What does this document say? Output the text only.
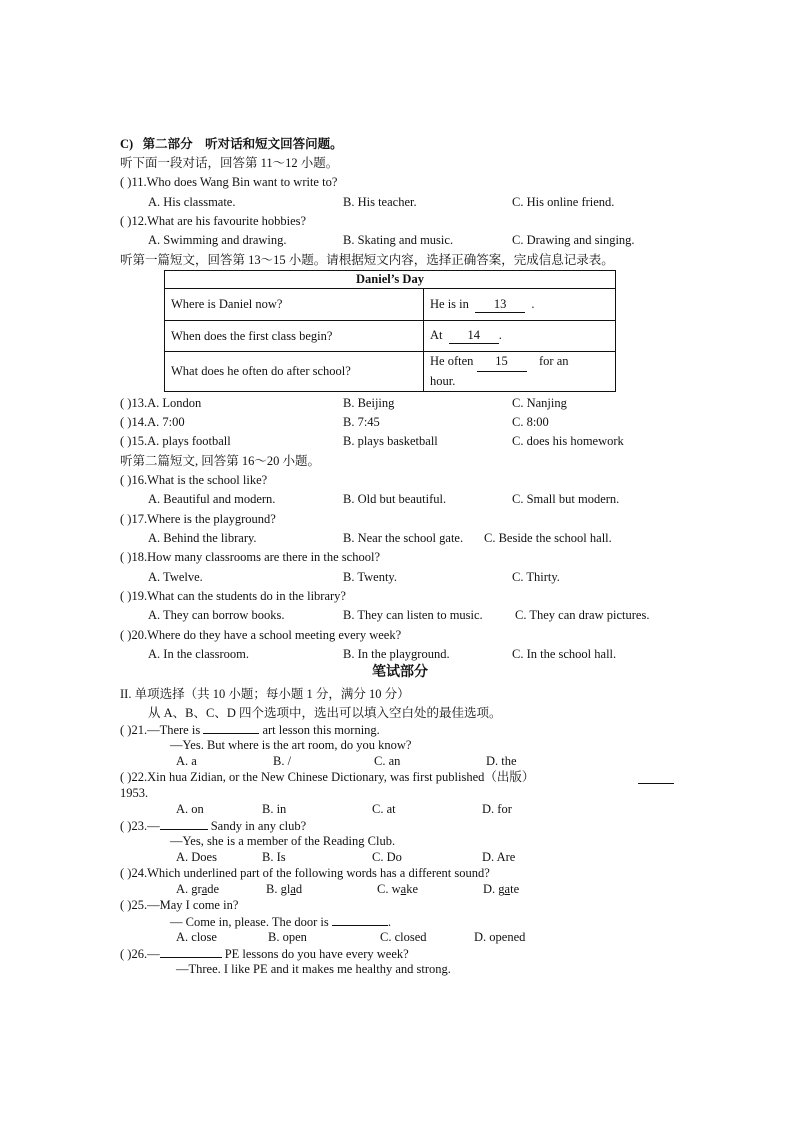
C) 第二部分　听对话和短文回答问题。
听下面一段对话，回答第 11～12 小题。
( )11.Who does Wang Bin want to write to?
A. His classmate.	B. His teacher.	C. His online friend.
( )12.What are his favourite hobbies?
A. Swimming and drawing.	B. Skating and music.	C. Drawing and singing.
听第一篇短文，回答第 13～15 小题。请根据短文内容，选择正确答案，完成信息记录表。
Daniel’s Day	
Where is Daniel now?	He is in 13 .
When does the first class begin?	At 14 .
What does he often do after school?	He often 15 for an
hour.
( )13.A. London	B. Beijing	C. Nanjing
( )14.A. 7:00	B. 7:45	C. 8:00
( )15.A. plays football	B. plays basketball	C. does his homework
听第二篇短文, 回答第 16～20 小题。
( )16.What is the school like?
A. Beautiful and modern.	B. Old but beautiful.	C. Small but modern.
( )17.Where is the playground?
A. Behind the library.	B. Near the school gate. C. Beside the school hall.
( )18.How many classrooms are there in the school?
A. Twelve.	B. Twenty.	C. Thirty.
( )19.What can the students do in the library?
A. They can borrow books.	B. They can listen to music.	C. They can draw pictures.
( )20.Where do they have a school meeting every week?
A. In the classroom.	B. In the playground.	C. In the school hall.
笔试部分
II. 单项选择（共 10 小题；每小题 1 分，满分 10 分）
从 A、B、C、D 四个选项中，选出可以填入空白处的最佳选项。
( )21.—There is	art lesson this morning.
—Yes. But where is the art room, do you know?
A. a	B. /	C. an	D. the
( )22.Xin hua Zidian, or the New Chinese Dictionary, was first published（出版）
1953.
A. on	B. in	C. at	D. for
( )23.—	Sandy in any club?
—Yes, she is a member of the Reading Club.
A. Does	B. Is	C. Do	D. Are
( )24.Which underlined part of the following words has a different sound?
A. grade	B. glad	C. wake	D. gate
( )25.—May I come in?
— Come in, please. The door is	.
A. close	B. open	C. closed	D. opened
( )26.—	PE lessons do you have every week?
—Three. I like PE and it makes me healthy and strong.
